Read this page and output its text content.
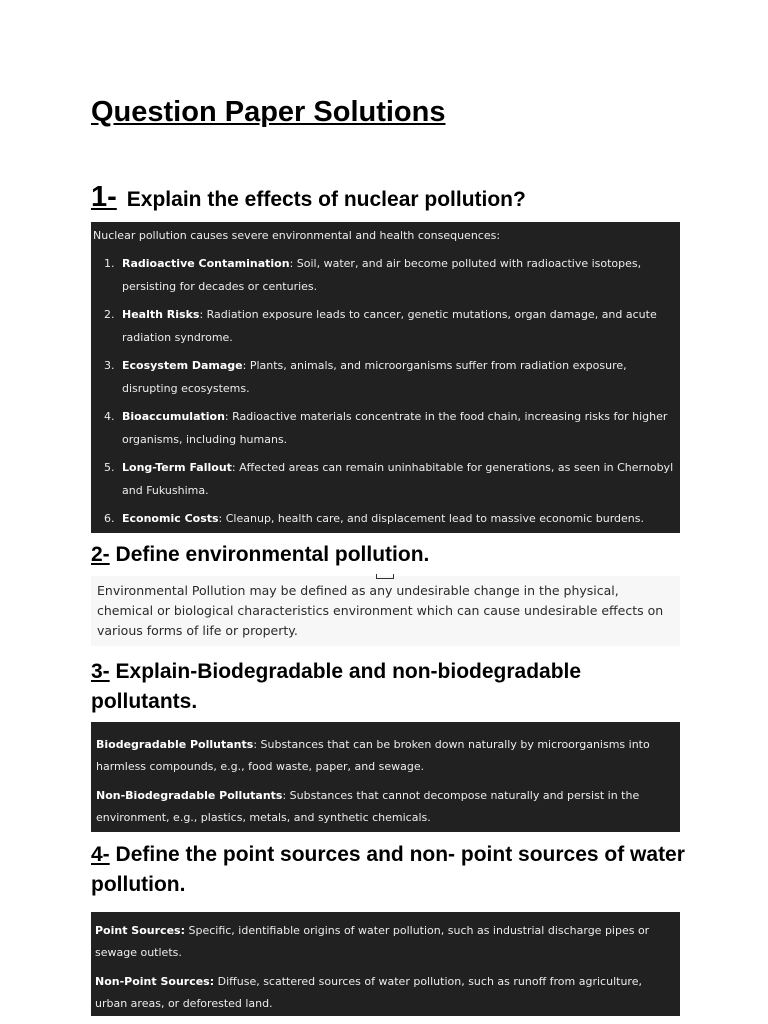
Question Paper Solutions
1- Explain the effects of nuclear pollution?
Nuclear pollution causes severe environmental and health consequences:
1. Radioactive Contamination: Soil, water, and air become polluted with radioactive isotopes, persisting for decades or centuries.
2. Health Risks: Radiation exposure leads to cancer, genetic mutations, organ damage, and acute radiation syndrome.
3. Ecosystem Damage: Plants, animals, and microorganisms suffer from radiation exposure, disrupting ecosystems.
4. Bioaccumulation: Radioactive materials concentrate in the food chain, increasing risks for higher organisms, including humans.
5. Long-Term Fallout: Affected areas can remain uninhabitable for generations, as seen in Chernobyl and Fukushima.
6. Economic Costs: Cleanup, health care, and displacement lead to massive economic burdens.
2- Define environmental pollution.
Environmental Pollution may be defined as any undesirable change in the physical, chemical or biological characteristics environment which can cause undesirable effects on various forms of life or property.
3- Explain-Biodegradable and non-biodegradable pollutants.
Biodegradable Pollutants: Substances that can be broken down naturally by microorganisms into harmless compounds, e.g., food waste, paper, and sewage.
Non-Biodegradable Pollutants: Substances that cannot decompose naturally and persist in the environment, e.g., plastics, metals, and synthetic chemicals.
4- Define the point sources and non- point sources of water pollution.
Point Sources: Specific, identifiable origins of water pollution, such as industrial discharge pipes or sewage outlets.
Non-Point Sources: Diffuse, scattered sources of water pollution, such as runoff from agriculture, urban areas, or deforested land.
